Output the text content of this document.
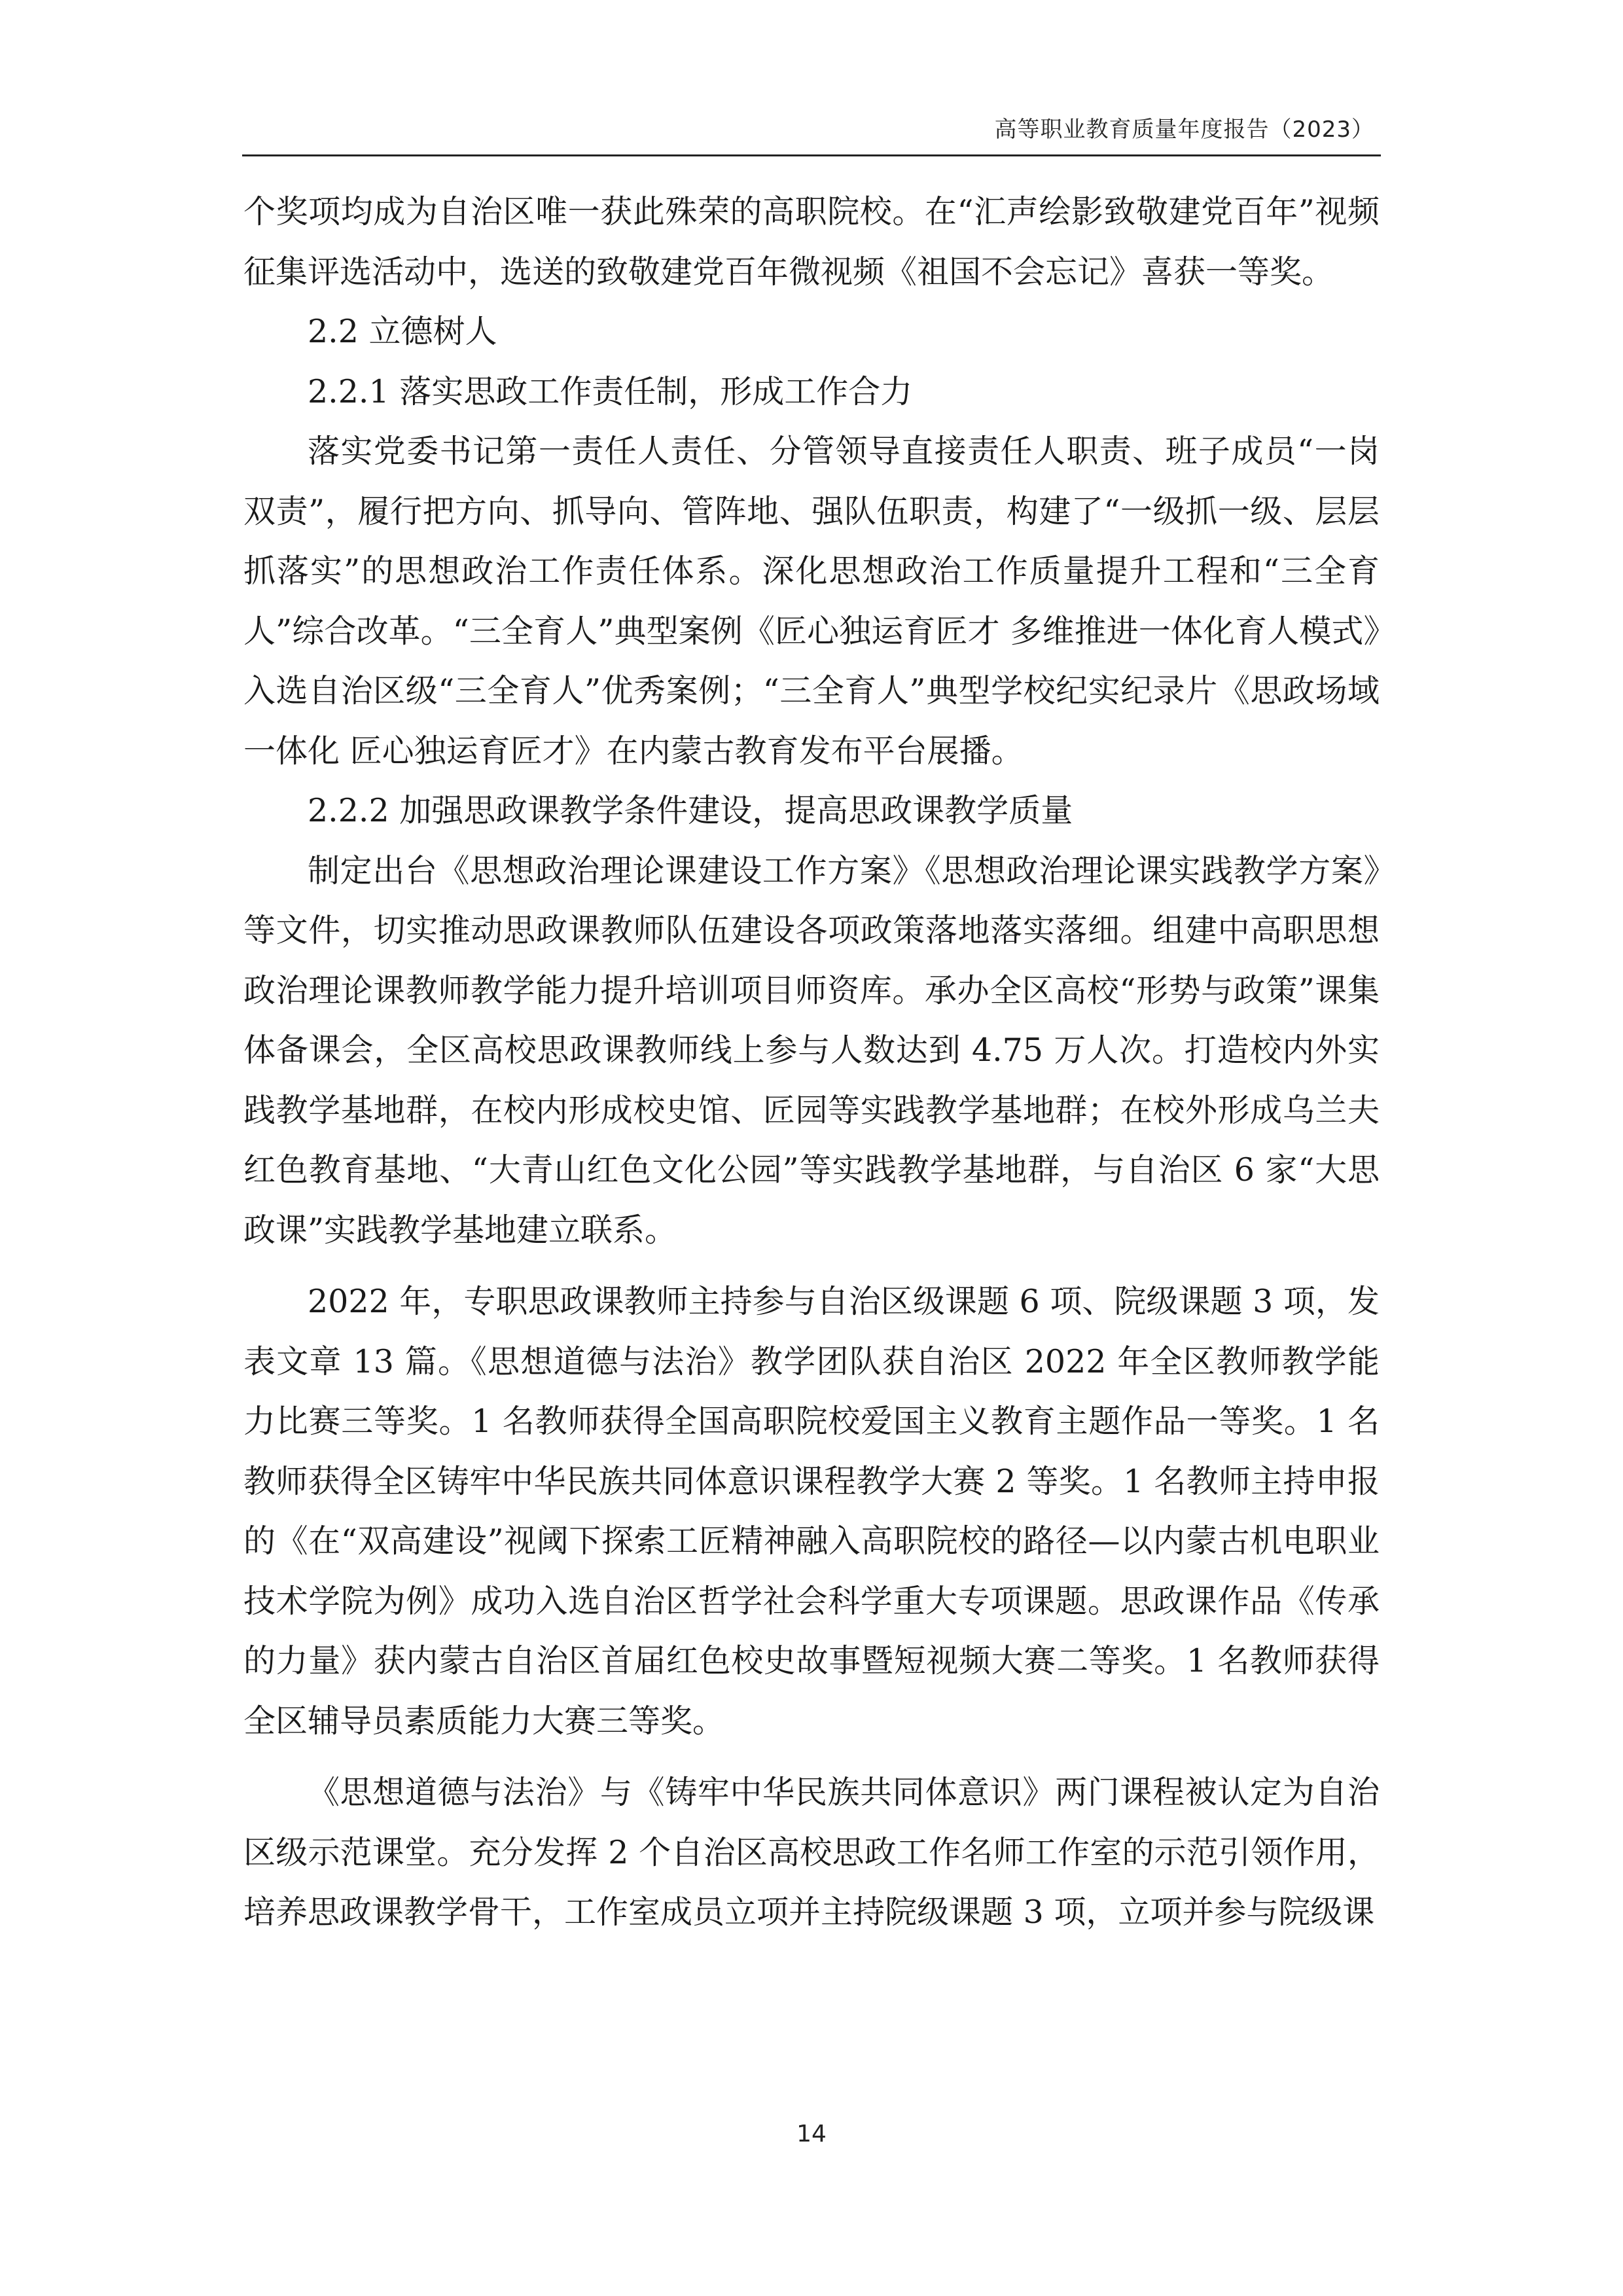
高等职业教育质量年度报告（2023）

个奖项均成为自治区唯一获此殊荣的高职院校。在“汇声绘影致敬建党百年”视频征集评选活动中，选送的致敬建党百年微视频《祖国不会忘记》喜获一等奖。

2.2 立德树人
2.2.1 落实思政工作责任制，形成工作合力

落实党委书记第一责任人责任、分管领导直接责任人职责、班子成员“一岗双责”，履行把方向、抓导向、管阵地、强队伍职责，构建了“一级抓一级、层层抓落实”的思想政治工作责任体系。深化思想政治工作质量提升工程和“三全育人”综合改革。“三全育人”典型案例《匠心独运育匠才 多维推进一体化育人模式》入选自治区级“三全育人”优秀案例；“三全育人”典型学校纪实纪录片《思政场域一体化 匠心独运育匠才》在内蒙古教育发布平台展播。

2.2.2 加强思政课教学条件建设，提高思政课教学质量

制定出台《思想政治理论课建设工作方案》《思想政治理论课实践教学方案》等文件，切实推动思政课教师队伍建设各项政策落地落实落细。组建中高职思想政治理论课教师教学能力提升培训项目师资库。承办全区高校“形势与政策”课集体备课会，全区高校思政课教师线上参与人数达到 4.75 万人次。打造校内外实践教学基地群，在校内形成校史馆、匠园等实践教学基地群；在校外形成乌兰夫红色教育基地、“大青山红色文化公园”等实践教学基地群，与自治区 6 家“大思政课”实践教学基地建立联系。

2022 年，专职思政课教师主持参与自治区级课题 6 项、院级课题 3 项，发表文章 13 篇。《思想道德与法治》教学团队获自治区 2022 年全区教师教学能力比赛三等奖。1 名教师获得全国高职院校爱国主义教育主题作品一等奖。1 名教师获得全区铸牢中华民族共同体意识课程教学大赛 2 等奖。1 名教师主持申报的《在“双高建设”视阈下探索工匠精神融入高职院校的路径—以内蒙古机电职业技术学院为例》成功入选自治区哲学社会科学重大专项课题。思政课作品《传承的力量》获内蒙古自治区首届红色校史故事暨短视频大赛二等奖。1 名教师获得全区辅导员素质能力大赛三等奖。

《思想道德与法治》与《铸牢中华民族共同体意识》两门课程被认定为自治区级示范课堂。充分发挥 2 个自治区高校思政工作名师工作室的示范引领作用，培养思政课教学骨干，工作室成员立项并主持院级课题 3 项，立项并参与院级课

14
